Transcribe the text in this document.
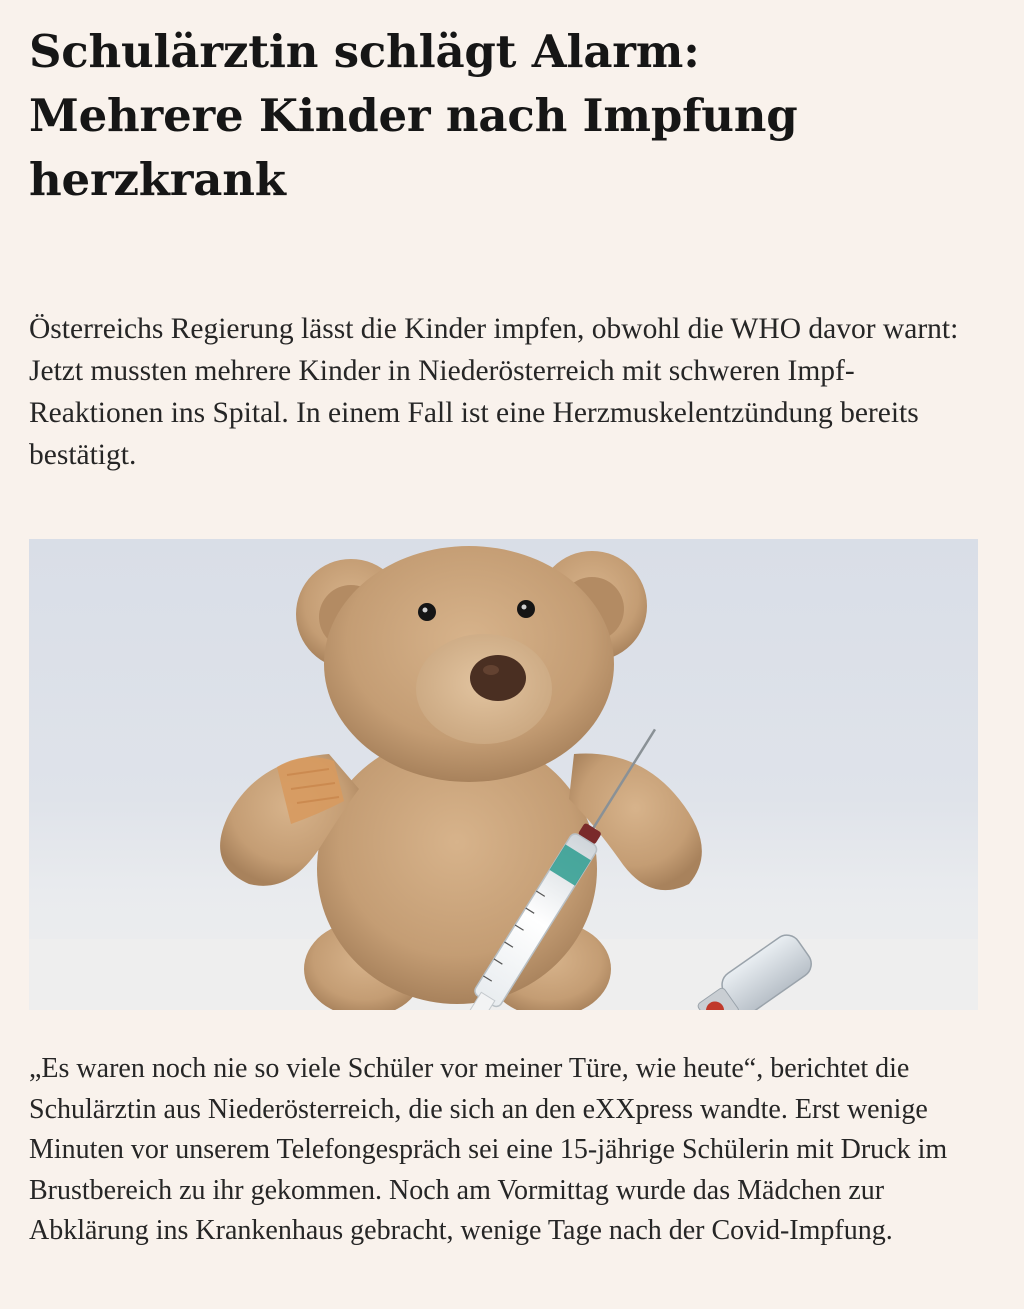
Schulärztin schlägt Alarm: Mehrere Kinder nach Impfung herzkrank

Österreichs Regierung lässt die Kinder impfen, obwohl die WHO davor warnt: Jetzt mussten mehrere Kinder in Niederösterreich mit schweren Impf-Reaktionen ins Spital. In einem Fall ist eine Herzmuskelentzündung bereits bestätigt.

„Es waren noch nie so viele Schüler vor meiner Türe, wie heute“, berichtet die Schulärztin aus Niederösterreich, die sich an den eXXpress wandte. Erst wenige Minuten vor unserem Telefongespräch sei eine 15-jährige Schülerin mit Druck im Brustbereich zu ihr gekommen. Noch am Vormittag wurde das Mädchen zur Abklärung ins Krankenhaus gebracht, wenige Tage nach der Covid-Impfung.
